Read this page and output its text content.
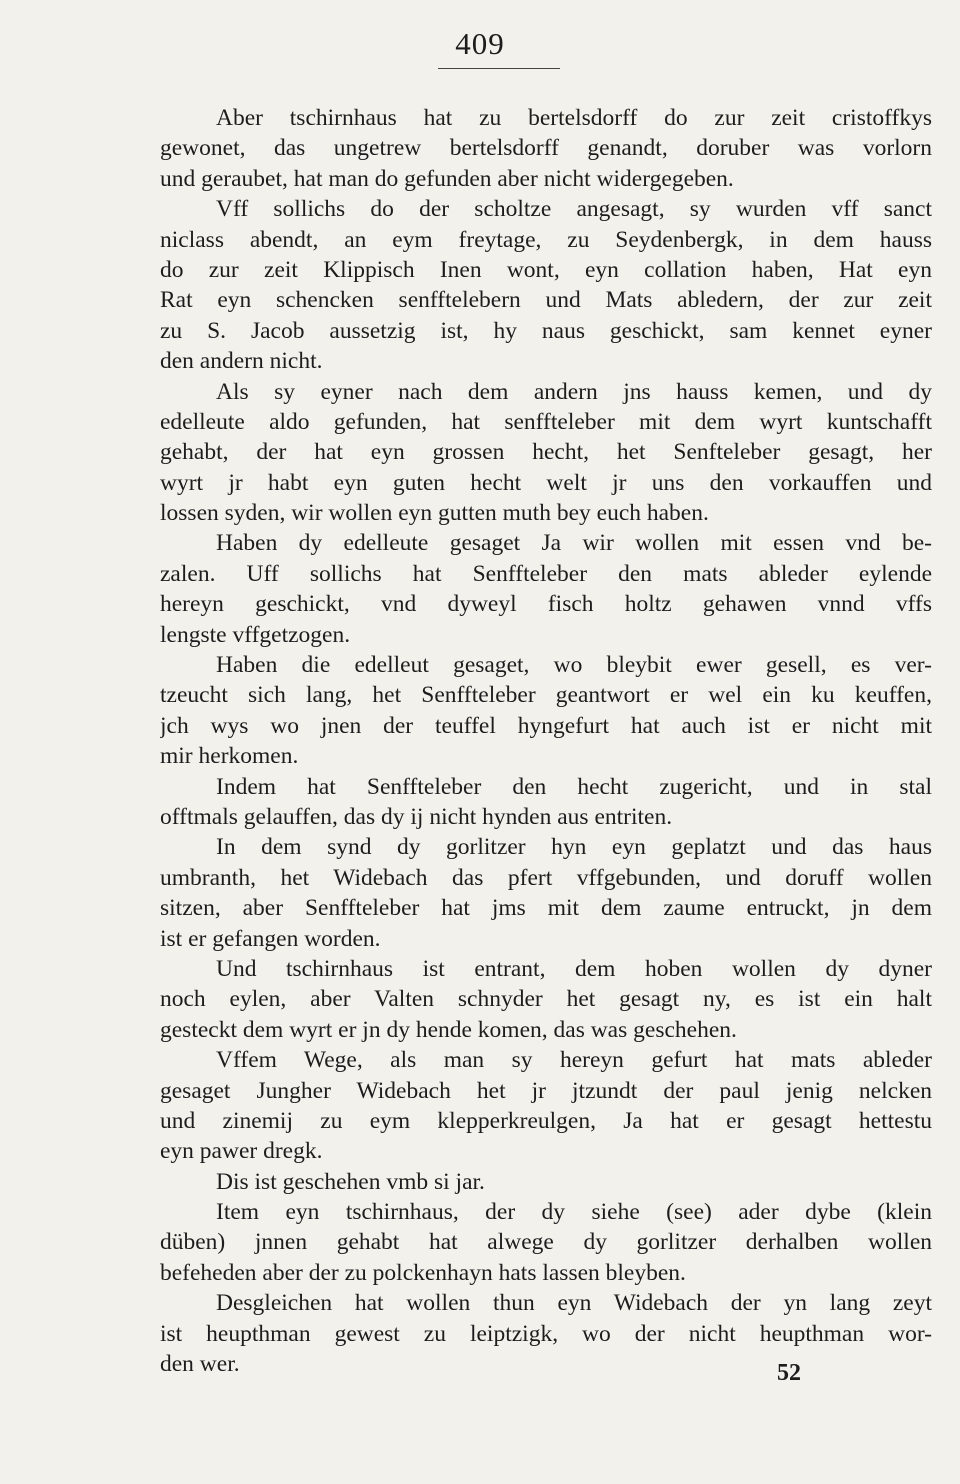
409
Aber tschirnhaus hat zu bertelsdorff do zur zeit cristoffkys
gewonet, das ungetrew bertelsdorff genandt, doruber was vorlorn
und geraubet, hat man do gefunden aber nicht widergegeben.
Vff sollichs do der scholtze angesagt, sy wurden vff sanct
niclass abendt, an eym freytage, zu Seydenbergk, in dem hauss
do zur zeit Klippisch Inen wont, eyn collation haben, Hat eyn
Rat eyn schencken senfftelebern und Mats abledern, der zur zeit
zu S. Jacob aussetzig ist, hy naus geschickt, sam kennet eyner
den andern nicht.
Als sy eyner nach dem andern jns hauss kemen, und dy
edelleute aldo gefunden, hat senffteleber mit dem wyrt kuntschafft
gehabt, der hat eyn grossen hecht, het Senfteleber gesagt, her
wyrt jr habt eyn guten hecht welt jr uns den vorkauffen und
lossen syden, wir wollen eyn gutten muth bey euch haben.
Haben dy edelleute gesaget Ja wir wollen mit essen vnd be-
zalen. Uff sollichs hat Senffteleber den mats ableder eylende
hereyn geschickt, vnd dyweyl fisch holtz gehawen vnnd vffs
lengste vffgetzogen.
Haben die edelleut gesaget, wo bleybit ewer gesell, es ver-
tzeucht sich lang, het Senffteleber geantwort er wel ein ku keuffen,
jch wys wo jnen der teuffel hyngefurt hat auch ist er nicht mit
mir herkomen.
Indem hat Senffteleber den hecht zugericht, und in stal
offtmals gelauffen, das dy ij nicht hynden aus entriten.
In dem synd dy gorlitzer hyn eyn geplatzt und das haus
umbranth, het Widebach das pfert vffgebunden, und doruff wollen
sitzen, aber Senffteleber hat jms mit dem zaume entruckt, jn dem
ist er gefangen worden.
Und tschirnhaus ist entrant, dem hoben wollen dy dyner
noch eylen, aber Valten schnyder het gesagt ny, es ist ein halt
gesteckt dem wyrt er jn dy hende komen, das was geschehen.
Vffem Wege, als man sy hereyn gefurt hat mats ableder
gesaget Jungher Widebach het jr jtzundt der paul jenig nelcken
und zinemij zu eym klepperkreulgen, Ja hat er gesagt hettestu
eyn pawer dregk.
Dis ist geschehen vmb si jar.
Item eyn tschirnhaus, der dy siehe (see) ader dybe (klein
düben) jnnen gehabt hat alwege dy gorlitzer derhalben wollen
befeheden aber der zu polckenhayn hats lassen bleyben.
Desgleichen hat wollen thun eyn Widebach der yn lang zeyt
ist heupthman gewest zu leiptzigk, wo der nicht heupthman wor-
den wer.	52
